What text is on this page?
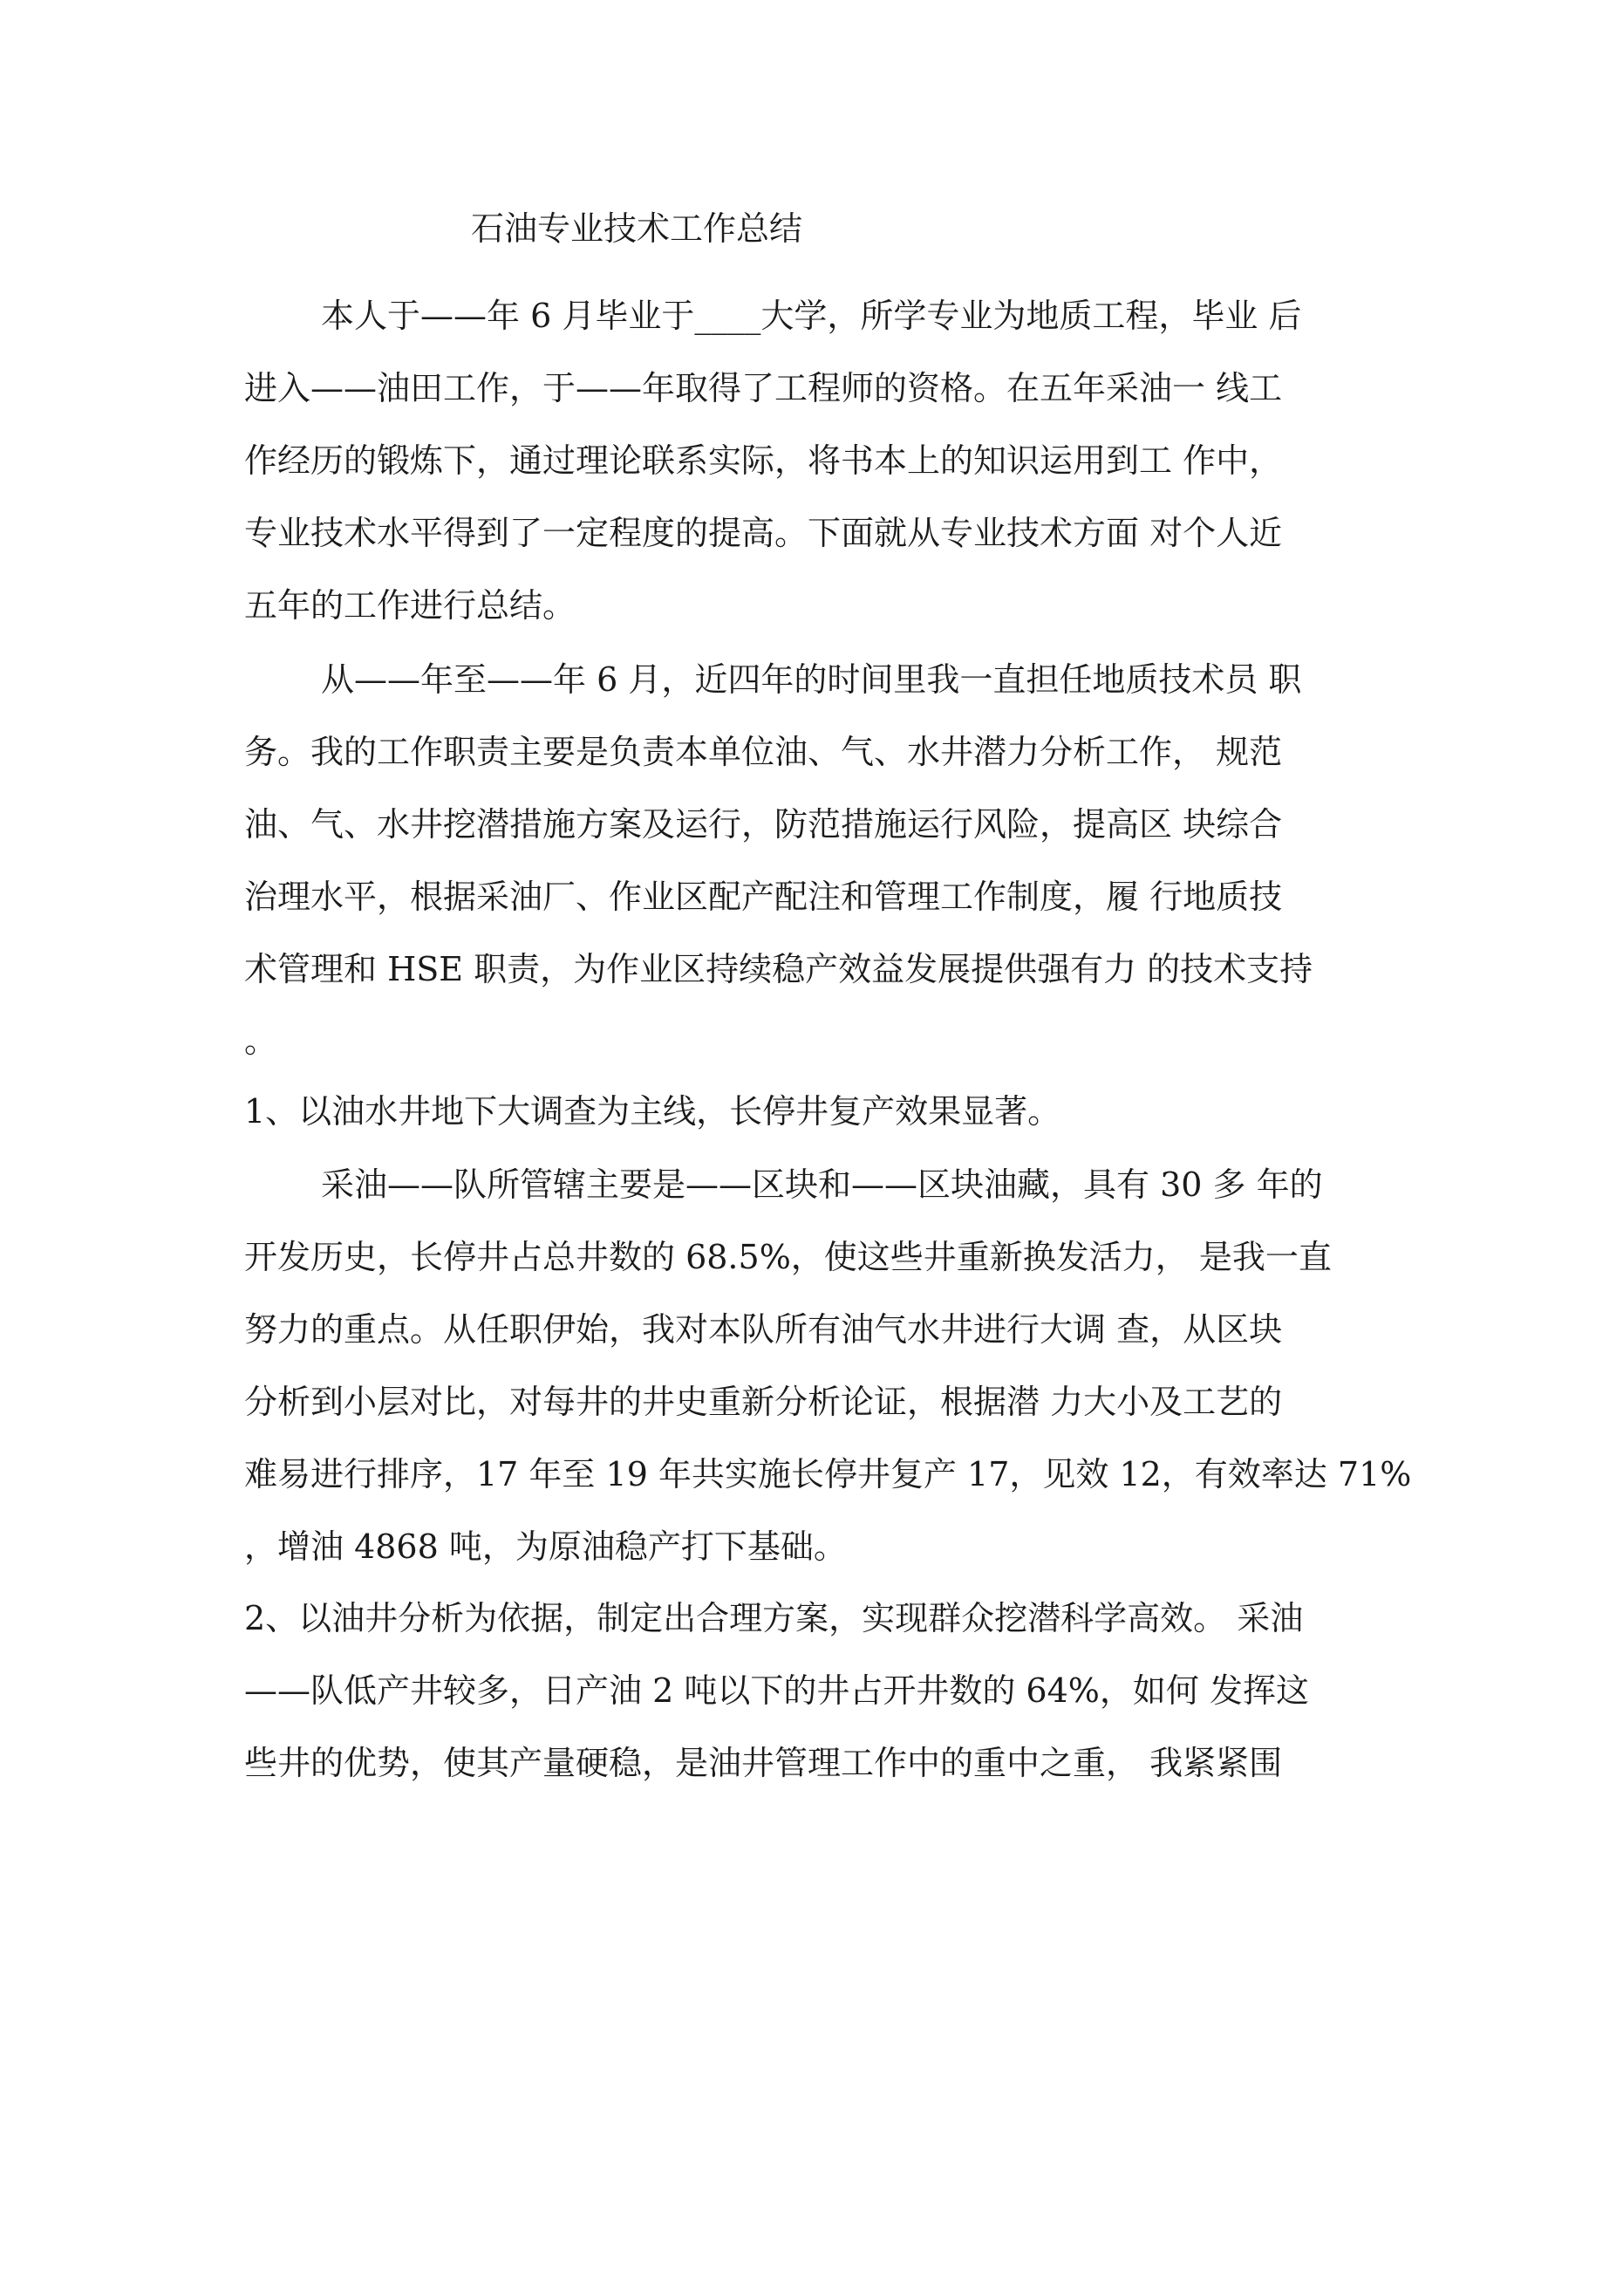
石油专业技术工作总结
本人于——年 6 月毕业于____大学，所学专业为地质工程，毕业 后
进入——油田工作，于——年取得了工程师的资格。在五年采油一 线工
作经历的锻炼下，通过理论联系实际，将书本上的知识运用到工 作中，
专业技术水平得到了一定程度的提高。下面就从专业技术方面 对个人近
五年的工作进行总结。
从——年至——年 6 月，近四年的时间里我一直担任地质技术员 职
务。我的工作职责主要是负责本单位油、气、水井潜力分析工作， 规范
油、气、水井挖潜措施方案及运行，防范措施运行风险，提高区 块综合
治理水平，根据采油厂、作业区配产配注和管理工作制度，履 行地质技
术管理和 HSE 职责，为作业区持续稳产效益发展提供强有力 的技术支持
。
1、以油水井地下大调查为主线，长停井复产效果显著。
采油——队所管辖主要是——区块和——区块油藏，具有 30 多 年的
开发历史，长停井占总井数的 68.5%，使这些井重新换发活力， 是我一直
努力的重点。从任职伊始，我对本队所有油气水井进行大调 查，从区块
分析到小层对比，对每井的井史重新分析论证，根据潜 力大小及工艺的
难易进行排序，17 年至 19 年共实施长停井复产 17，见效 12，有效率达 71%
，增油 4868 吨，为原油稳产打下基础。
2、以油井分析为依据，制定出合理方案，实现群众挖潜科学高效。 采油
——队低产井较多，日产油 2 吨以下的井占开井数的 64%，如何 发挥这
些井的优势，使其产量硬稳，是油井管理工作中的重中之重， 我紧紧围
